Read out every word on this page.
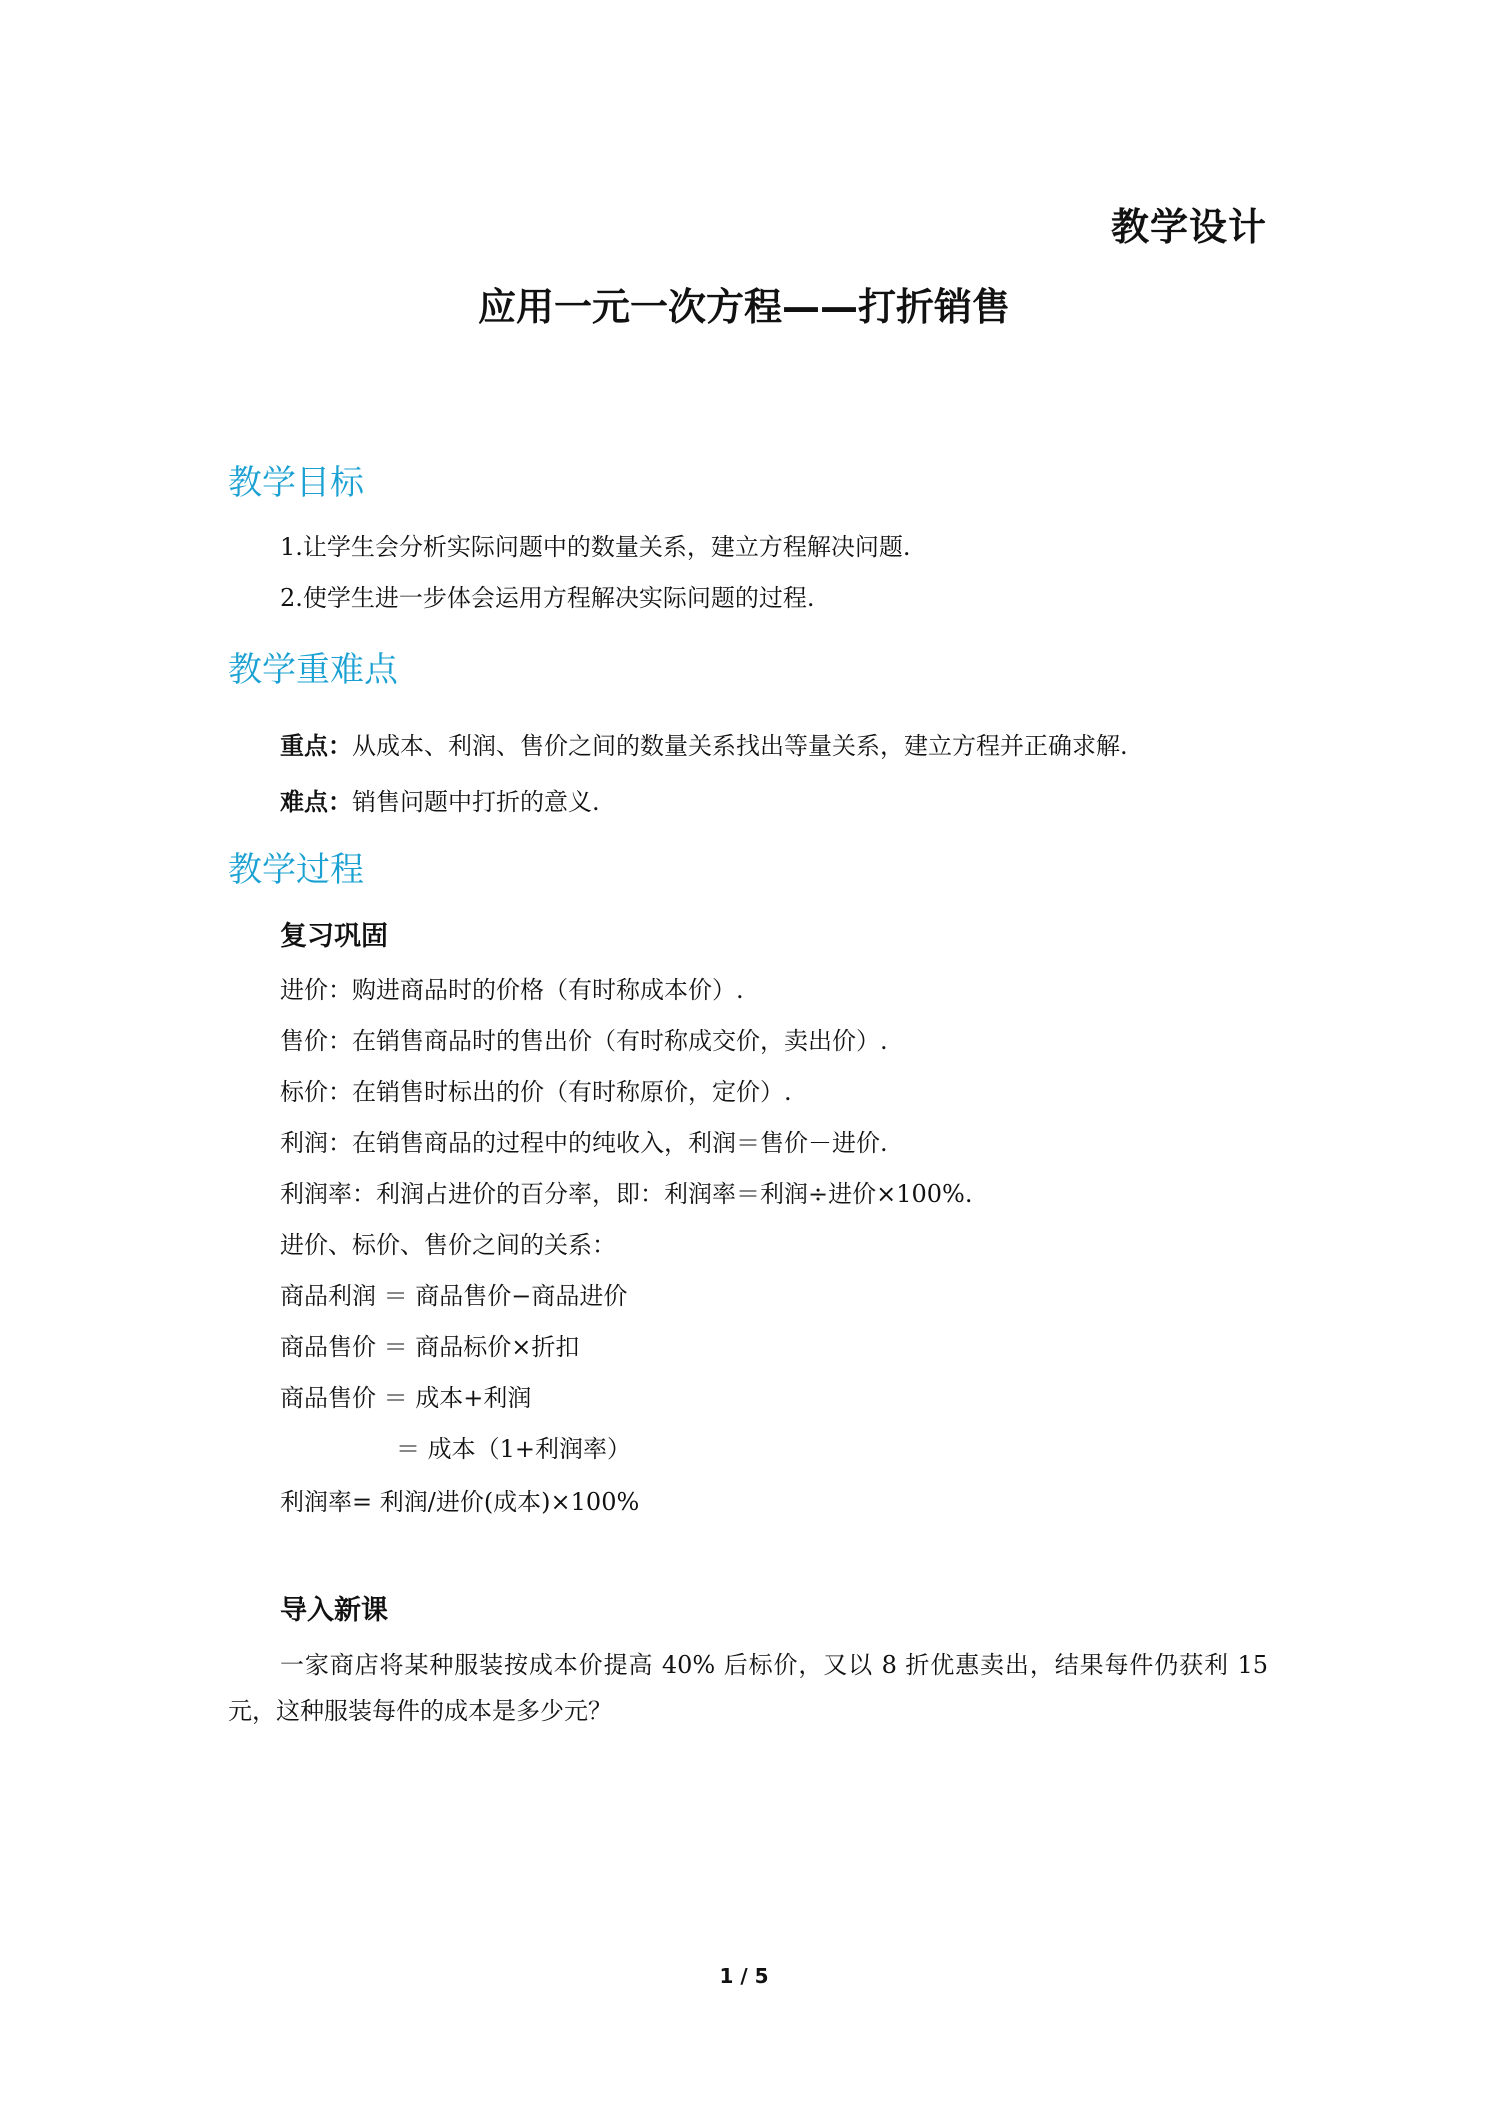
教学设计
应用一元一次方程——打折销售
教学目标
1.让学生会分析实际问题中的数量关系，建立方程解决问题.
2.使学生进一步体会运用方程解决实际问题的过程.
教学重难点
重点：从成本、利润、售价之间的数量关系找出等量关系，建立方程并正确求解.
难点：销售问题中打折的意义.
教学过程
复习巩固
进价：购进商品时的价格（有时称成本价）.
售价：在销售商品时的售出价（有时称成交价，卖出价）.
标价：在销售时标出的价（有时称原价，定价）.
利润：在销售商品的过程中的纯收入，利润＝售价－进价.
利润率：利润占进价的百分率，即：利润率＝利润÷进价×100%.
进价、标价、售价之间的关系：
商品利润 ＝ 商品售价−商品进价
商品售价 ＝ 商品标价×折扣
商品售价 ＝ 成本+利润
＝ 成本（1+利润率）
利润率= 利润/进价(成本)×100%
导入新课
一家商店将某种服装按成本价提高 40% 后标价，又以 8 折优惠卖出，结果每件仍获利 15 元，这种服装每件的成本是多少元？
1 / 5
